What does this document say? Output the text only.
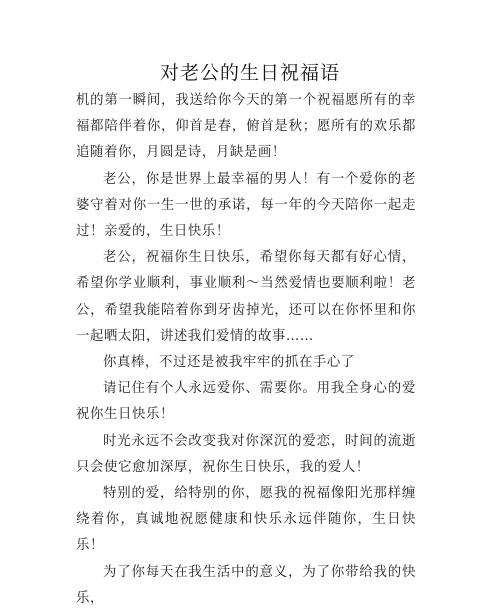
对老公的生日祝福语

机的第一瞬间，我送给你今天的第一个祝福愿所有的幸福都陪伴着你，仰首是春，俯首是秋；愿所有的欢乐都追随着你，月圆是诗，月缺是画！

老公，你是世界上最幸福的男人！有一个爱你的老婆守着对你一生一世的承诺，每一年的今天陪你一起走过！亲爱的，生日快乐！

老公，祝福你生日快乐，希望你每天都有好心情，希望你学业顺利，事业顺利～当然爱情也要顺利啦！老公，希望我能陪着你到牙齿掉光，还可以在你怀里和你一起晒太阳，讲述我们爱情的故事……

你真棒，不过还是被我牢牢的抓在手心了

请记住有个人永远爱你、需要你。用我全身心的爱祝你生日快乐！

时光永远不会改变我对你深沉的爱恋，时间的流逝只会使它愈加深厚，祝你生日快乐，我的爱人！

特别的爱，给特别的你，愿我的祝福像阳光那样缠绕着你，真诚地祝愿健康和快乐永远伴随你，生日快乐！

为了你每天在我生活中的意义，为了你带给我的快乐，
